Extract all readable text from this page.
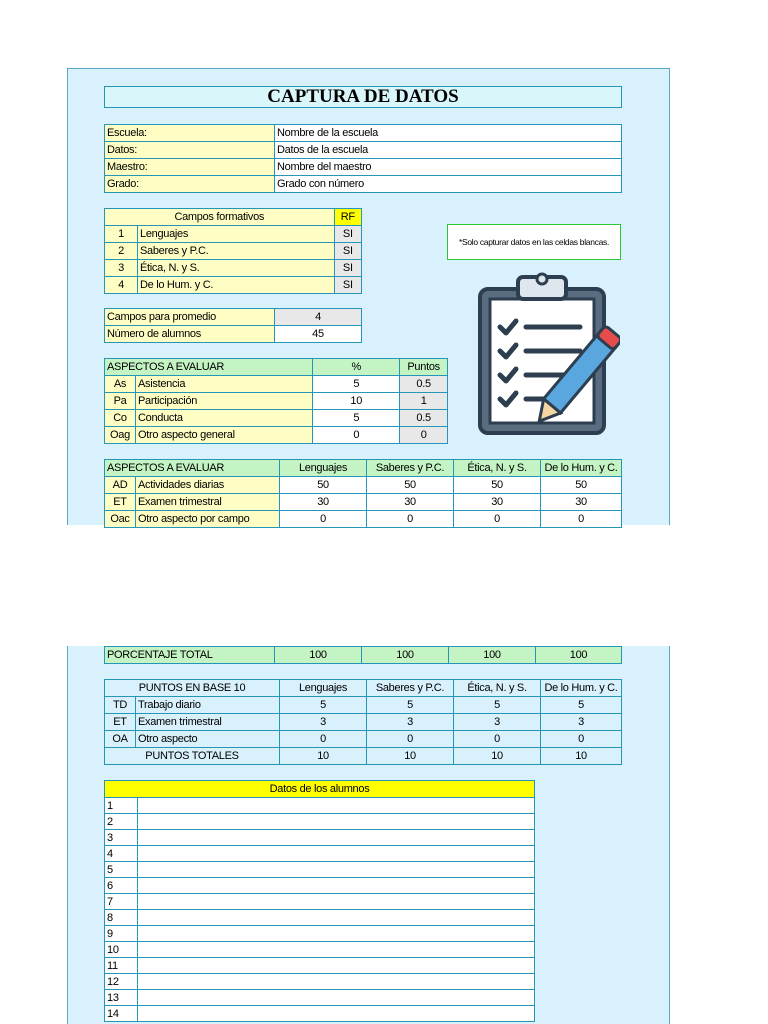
CAPTURA DE DATOS
Escuela:	Nombre de la escuela
Datos:	Datos de la escuela
Maestro:	Nombre del maestro
Grado:	Grado con número
Campos formativos		RF
1	Lenguajes	SI
2	Saberes y P.C.	SI
3	Ética, N. y S.	SI
4	De lo Hum. y C.	SI
*Solo capturar datos en las celdas blancas.
Campos para promedio	4
Número de alumnos	45
ASPECTOS A EVALUAR		%	Puntos
As	Asistencia	5	0.5
Pa	Participación	10	1
Co	Conducta	5	0.5
Oag	Otro aspecto general	0	0
ASPECTOS A EVALUAR		Lenguajes	Saberes y P.C.	Ética, N. y S.	De lo Hum. y C.
AD	Actividades diarias	50	50	50	50
ET	Examen trimestral	30	30	30	30
Oac	Otro aspecto por campo	0	0	0	0
PORCENTAJE TOTAL	100	100	100	100
PUNTOS EN BASE 10		Lenguajes	Saberes y P.C.	Ética, N. y S.	De lo Hum. y C.
TD	Trabajo diario	5	5	5	5
ET	Examen trimestral	3	3	3	3
OA	Otro aspecto	0	0	0	0
PUNTOS TOTALES		10	10	10	10
Datos de los alumnos	
1	
2	
3	
4	
5	
6	
7	
8	
9	
10	
11	
12	
13	
14	
